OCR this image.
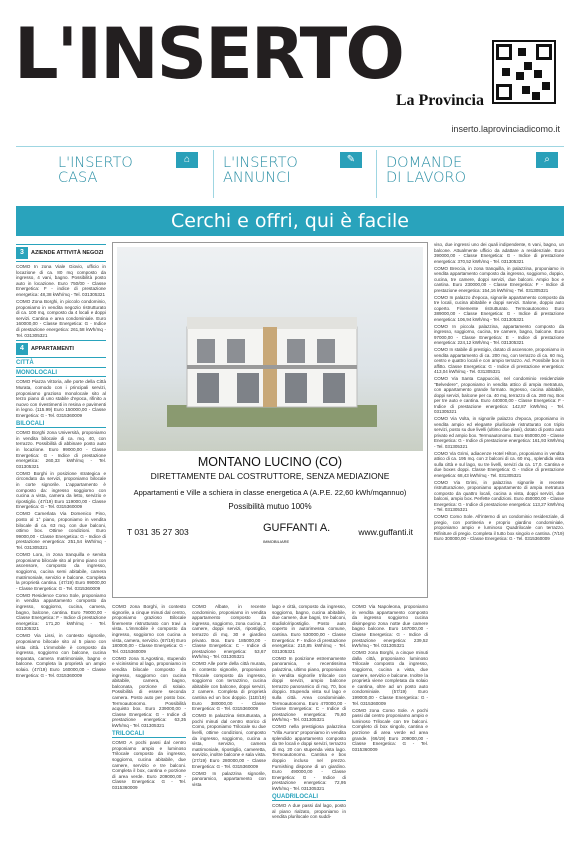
L'INSERTO
La Provincia
inserto.laprovinciadicomo.it
L'INSERTO
CASA
⌂	L'INSERTO
ANNUNCI
✎	DOMANDE
DI LAVORO
⌕
Cerchi e offri, qui è facile
3	AZIENDE ATTIVITÀ NEGOZI

COMO In zona Viale Giovio, ufficio in locazione di ca. 80 mq composto da ingresso, 4 vani, bagno. Possibilità posto auto in locazione. Euro 750/00 - Classe Energetica: F - indice di prestazione energetica: 48,38 kWh/mq - Tel. 031305321

COMO Zona Borghi, in piccolo condominio, proponiamo in vendita negozio ristrutturato di ca. 100 mq, composto da 4 locali e doppi servizi. Cantina e area condominiale. Euro 160000,00 - Classe Energetica: G - Indice di prestazione energetica: 261,58 kWh/mq - Tel. 031305321

4	APPARTAMENTI
CITTÀ
MONOLOCALI

COMO Piazza Vittoria, alle porte della Città Murata, comodo con i principali servizi, proponiamo grazioso monolocale sito al terzo piano di uno stabile d'epoca, rifinito a nuovo con rivestimenti in resina e pavimenti in legno. (115.99) Euro 150000,00 - Classe Energetica: G - Tel. 0315360009

BILOCALI

COMO Borghi zona Università, proponiamo in vendita bilocale di ca. mq. 40, con terrazzo. Possibilità di abbinare posto auto in locazione. Euro 99000,00 - Classe Energetica: G - Indice di prestazione energetica: 260,33 kWh/mq - Tel. 031305321

COMO Borghi in posizione strategica e circondato da servizi, proponiamo bilocale in corte signorile. L'appartamento è composto da: ingresso soggiorno con cucina a vista, camera da letto, servizio e ripostiglio. (47/19) Euro 119000,00 - Classe Energetica: G - Tel. 0315360009

COMO Camerlata Via Domenico Pino, posto al 1° piano, proponiamo in vendita bilocale di ca. 63 mq. con due balconi, ottimo box. Ottime condizioni. Euro 99000,00 - Classe Energetica: G - Indice di prestazione energetica: 251,54 kWh/mq - Tel. 031305321

COMO Lora, in zona tranquilla e servita proponiamo bilocale sito al primo piano con ascensore, composto da ingresso, soggiorno, cucina semi abitabile, camera matrimoniale, servizio e balcone. Completa la proprietà cantina. (47/19) Euro 99000,00 - Classe Energetica: G - Tel. 0315360009

COMO Residence Como Sole, proponiamo in vendita appartamento composto da ingresso, soggiorno, cucina, camera, bagno, balcone, cantina. Euro 79000,00 - Classe Energetica: F - Indice di prestazione energetica: 171,20 kWh/mq - Tel. 031305321

COMO Via Lissi, in contesto signorile, proponiamo bilocale sito al 5 piano con vista città. L'immobile è composto da ingresso, soggiorno con balcone, cucina separata, camera matrimoniale, bagno e balcone. Completa la proprietà un ampio solaio. (47/19) Euro 160000,00 - Classe Energetica: G - Tel. 0315360009

MONTANO LUCINO (CO)
DIRETTAMENTE DAL COSTRUTTORE, SENZA MEDIAZIONE
Appartamenti e Ville a schiera in classe energetica A (A.P.E. 22,60 kWh/mqannuo)
Possibilità mutuo 100%
T 031 35 27 303	GUFFANTI A.
IMMOBILIARE
www.guffanti.it

viso, due ingressi uno dei quali indipendente, 6 vani, bagno, un balcone. Attualmente ufficio da adattare a residenziale. Euro 390000,00 - Classe Energetica: G - Indice di prestazione energetica: 370,52 kWh/mq - Tel. 031305321

COMO Breccia, in zona tranquilla, in palazzina, proponiamo in vendita appartamento composto da ingresso, soggiorno, doppio, cucina, tre camere, doppi servizi, due balconi. Ampio box e cantina. Euro 230000,00 - Classe Energetica: F - Indice di prestazione energetica: 154,16 kWh/mq - Tel. 031305321

COMO In palazzo d'epoca, signorile appartamento composto da tre locali, cucina abitabile e doppi servizi. Salone, doppio auto coperto. Finemente ristrutturato. Termoautonomo Euro 389000,00 - Classe Energetica: G - Indice di prestazione energetica: 106,94 kWh/mq - Tel. 031305321

COMO In piccola palazzina, appartamento composto da ingresso, soggiorno, cucina, tre camere, bagno, balcone. Euro 97000,00 - Classe Energetica: E - Indice di prestazione energetica: 224,12 kWh/mq - Tel. 031305321

COMO In stabile di prestigio, dotato di ascensore, proponiamo in vendita appartamento di ca. 200 mq, con terrazzo di ca. 60 mq, centro e quattro locali e con ampio terrazzo. Ad. Possibile box in affitto. Classe Energetica: G - Indice di prestazione energetica: 413,04 kWh/mq - Tel. 031305321

COMO Via Santa Cappuccini, nel condominio residenziale "Belvedere", proponiamo in vendita attico di ampia metratura, con appartamento grande formato. Ingresso, cucina abitabile, doppi servizi, balcone per ca. 40 mq, terrazzo di ca. 280 mq. Box per tre auto e cantina. Euro 440000,00 - Classe Energetica: F - Indice di prestazione energetica: 142,87 kWh/mq - Tel. 031305321

COMO Via Volta, in signorile palazzo d'epoca, proponiamo in vendita ampio ed elegante plurilocale ristrutturato con triplo servizi, posto su due livelli (ultimo due piani), dotato di posto auto privato ed ampio box. Termoautonomo. Euro 650000,00 - Classe Energetica: G - Indice di prestazione energetica: 161,93 kWh/mq - Tel. 031305321

COMO Via Grimi, adiacenze Hotel Hilton, proponiamo in vendita attico di ca. 195 mq. con 2 balconi di ca. 60 mq., splendida vista sulla città e sul lago, su tre livelli, servizi da ca. 17,0. Cantina e due boxes doppi. Classe Energetica: G - Indice di prestazione energetica: 68,43 kWh/mq - Tel. 031305321

COMO Via Grimi, in palazzina signorile in recente ristrutturazione, proponiamo appartamento di ampia metratura composto da quattro locali, cucina a vista, doppi servizi, due balconi, ampio box. Perfette condizioni. Euro 450000,00 - Classe Energetica: G - Indice di prestazione energetica: 113,27 kWh/mq - Tel. 031305321

COMO Como Sole. All'interno di un condominio residenziale, di pregio, con portineria e proprio giardino condominiale, proponiamo ampio e luminoso Quadrilocale con terrazzo. Rifiniture di pregio. Completa il tutto box singolo e cantina. (7/19) Euro 300000,00 - Classe Energetica: G - Tel. 0315360009

COMO zona Borghi, in contesto signorile, a cinque minuti dal centro, proponiamo grazioso Bilocale finemente ristrutturato con travi a vista. L'immobile è composto da ingresso, soggiorno con cucina a vista, camera, servizio. (67/19) Euro 180000,00 - Classe Energetica: G - Tel. 0315360009

COMO zona S.Agostino, stupendo e vicinissimo al lago, proponiamo in vendita bilocale composto da ingresso, soggiorno con cucina abitabile, camera, bagno, balconata, porzione di solaio. Possibilità di essere seconda camera. Posto auto per posto box. Termoautonomo. Possibilità acquisto box. Euro 239000,00 - Classe Energetica: G - Indice di prestazione energetica: 63,35 kWh/mq - Tel. 031305321

TRILOCALI

COMO A pochi passi dal centro proponiamo ampio e luminoso Trilocale composto da ingresso, soggiorno, cucina abitabile, due camere, servizio e tre balconi. Completa il box, cantina e porzione di area verde. Euro 209000,00 - Classe Energetica: G - Tel. 0315360009

COMO Albate, in recente condominio, proponiamo in vendita appartamento composto da ingresso, soggiorno, zona cucina, 2 camere, doppi servizi, ripostiglio, terrazzo di mq. 30 e giardino privato. Box. Euro 185000,00 - Classe Energetica: C - Indice di prestazione energetica: 53,67 kWh/mq - Tel. 031305321

COMO Alle porte della città murata, in contesto signorile, proponiamo Trilocale composto da ingresso, soggiorno con terrazzino, cucina abitabile con balcone, doppi servizi, 2 camere. Completa di proprietà cantina ed un box doppio. (11E/19) Euro 380000,00 - Classe Energetica: G - Tel. 0315360009

COMO In palazzina ristrutturata, a pochi minuti dal centro storico di Como, proponiamo Trilocale su due livelli, ottime condizioni, composto da ingresso, soggiorno, cucina a vista, servizio, camera matrimoniale, ripostiglio, cameretta, servizio, inoltre balcone e sala vista. (27/19) Euro 280000,00 - Classe Energetica: G - Tel. 0315360009

COMO In palazzina signorile, panoramico, appartamento con vista

lago e città, composto da ingresso, soggiorno, bagno, cucina abitabile, due camere, due bagni, tre balconi, studiolo/ripostiglio. Posto auto coperto in autorimessa comune, cantina. Euro 530000,00 - Classe Energetica: F - Indice di prestazione energetica: 210,85 kWh/mq - Tel. 031305321

COMO In posizione estremamente panoramica, e recentissima palazzina, ultimo piano, proponiamo in vendita signorile trilocale con doppi servizi, ampio balcone terrazzo panoramico di mq. 70, box doppio. Stupenda vista sul lago e sulla città. Area condominiale. Termoautonomo. Euro 470000,00 - Classe Energetica: C - Indice di prestazione energetica: 75,60 kWh/mq - Tel. 031305321

COMO nella prestigiosa palazzina "Villa Aurora" proponiamo in vendita splendido appartamento composto da tre locali e doppi servizi, terrazzo di mq. 20 con stupenda vista lago. Termoautonomo. Cantina e box doppio incluso nel prezzo. Furnishing dispone di un giardino. Euro 490000,00 - Classe Energetica: G - Indice di prestazione energetica: 72,95 kWh/mq - Tel. 031305321

QUADRILOCALI

COMO A due passi dal lago, posto al piano rialzato, proponiamo in vendita plurilocale con suddi-

COMO Via Napoleona, proponiamo in vendita appartamento composto da ingresso soggiorno cucina disimpegno zona notte due camere bagno balcone. Euro 167000,00 - Classe Energetica: G - Indice di prestazione energetica: 239,52 kWh/mq - Tel. 031305321

COMO zona Borghi, a cinque minuti dalla città, proponiamo luminoso Trilocale composto da ingresso, soggiorno, cucina a vista, due camere, servizio e balcone. Inoltre la proprietà viene completata da solaio e cantina, oltre ad un posto auto condominiale. (57/19) Euro 199000,00 - Classe Energetica: G - Tel. 0315360009

COMO zona Como Sole. A pochi passi dal centro proponiamo ampio e luminoso Trilocale con tre balconi. Completo di box singolo, cantina e porzione di area verde ed area grande. (66/19) Euro 209000,00 - Classe Energetica: G - Tel. 0315360009
